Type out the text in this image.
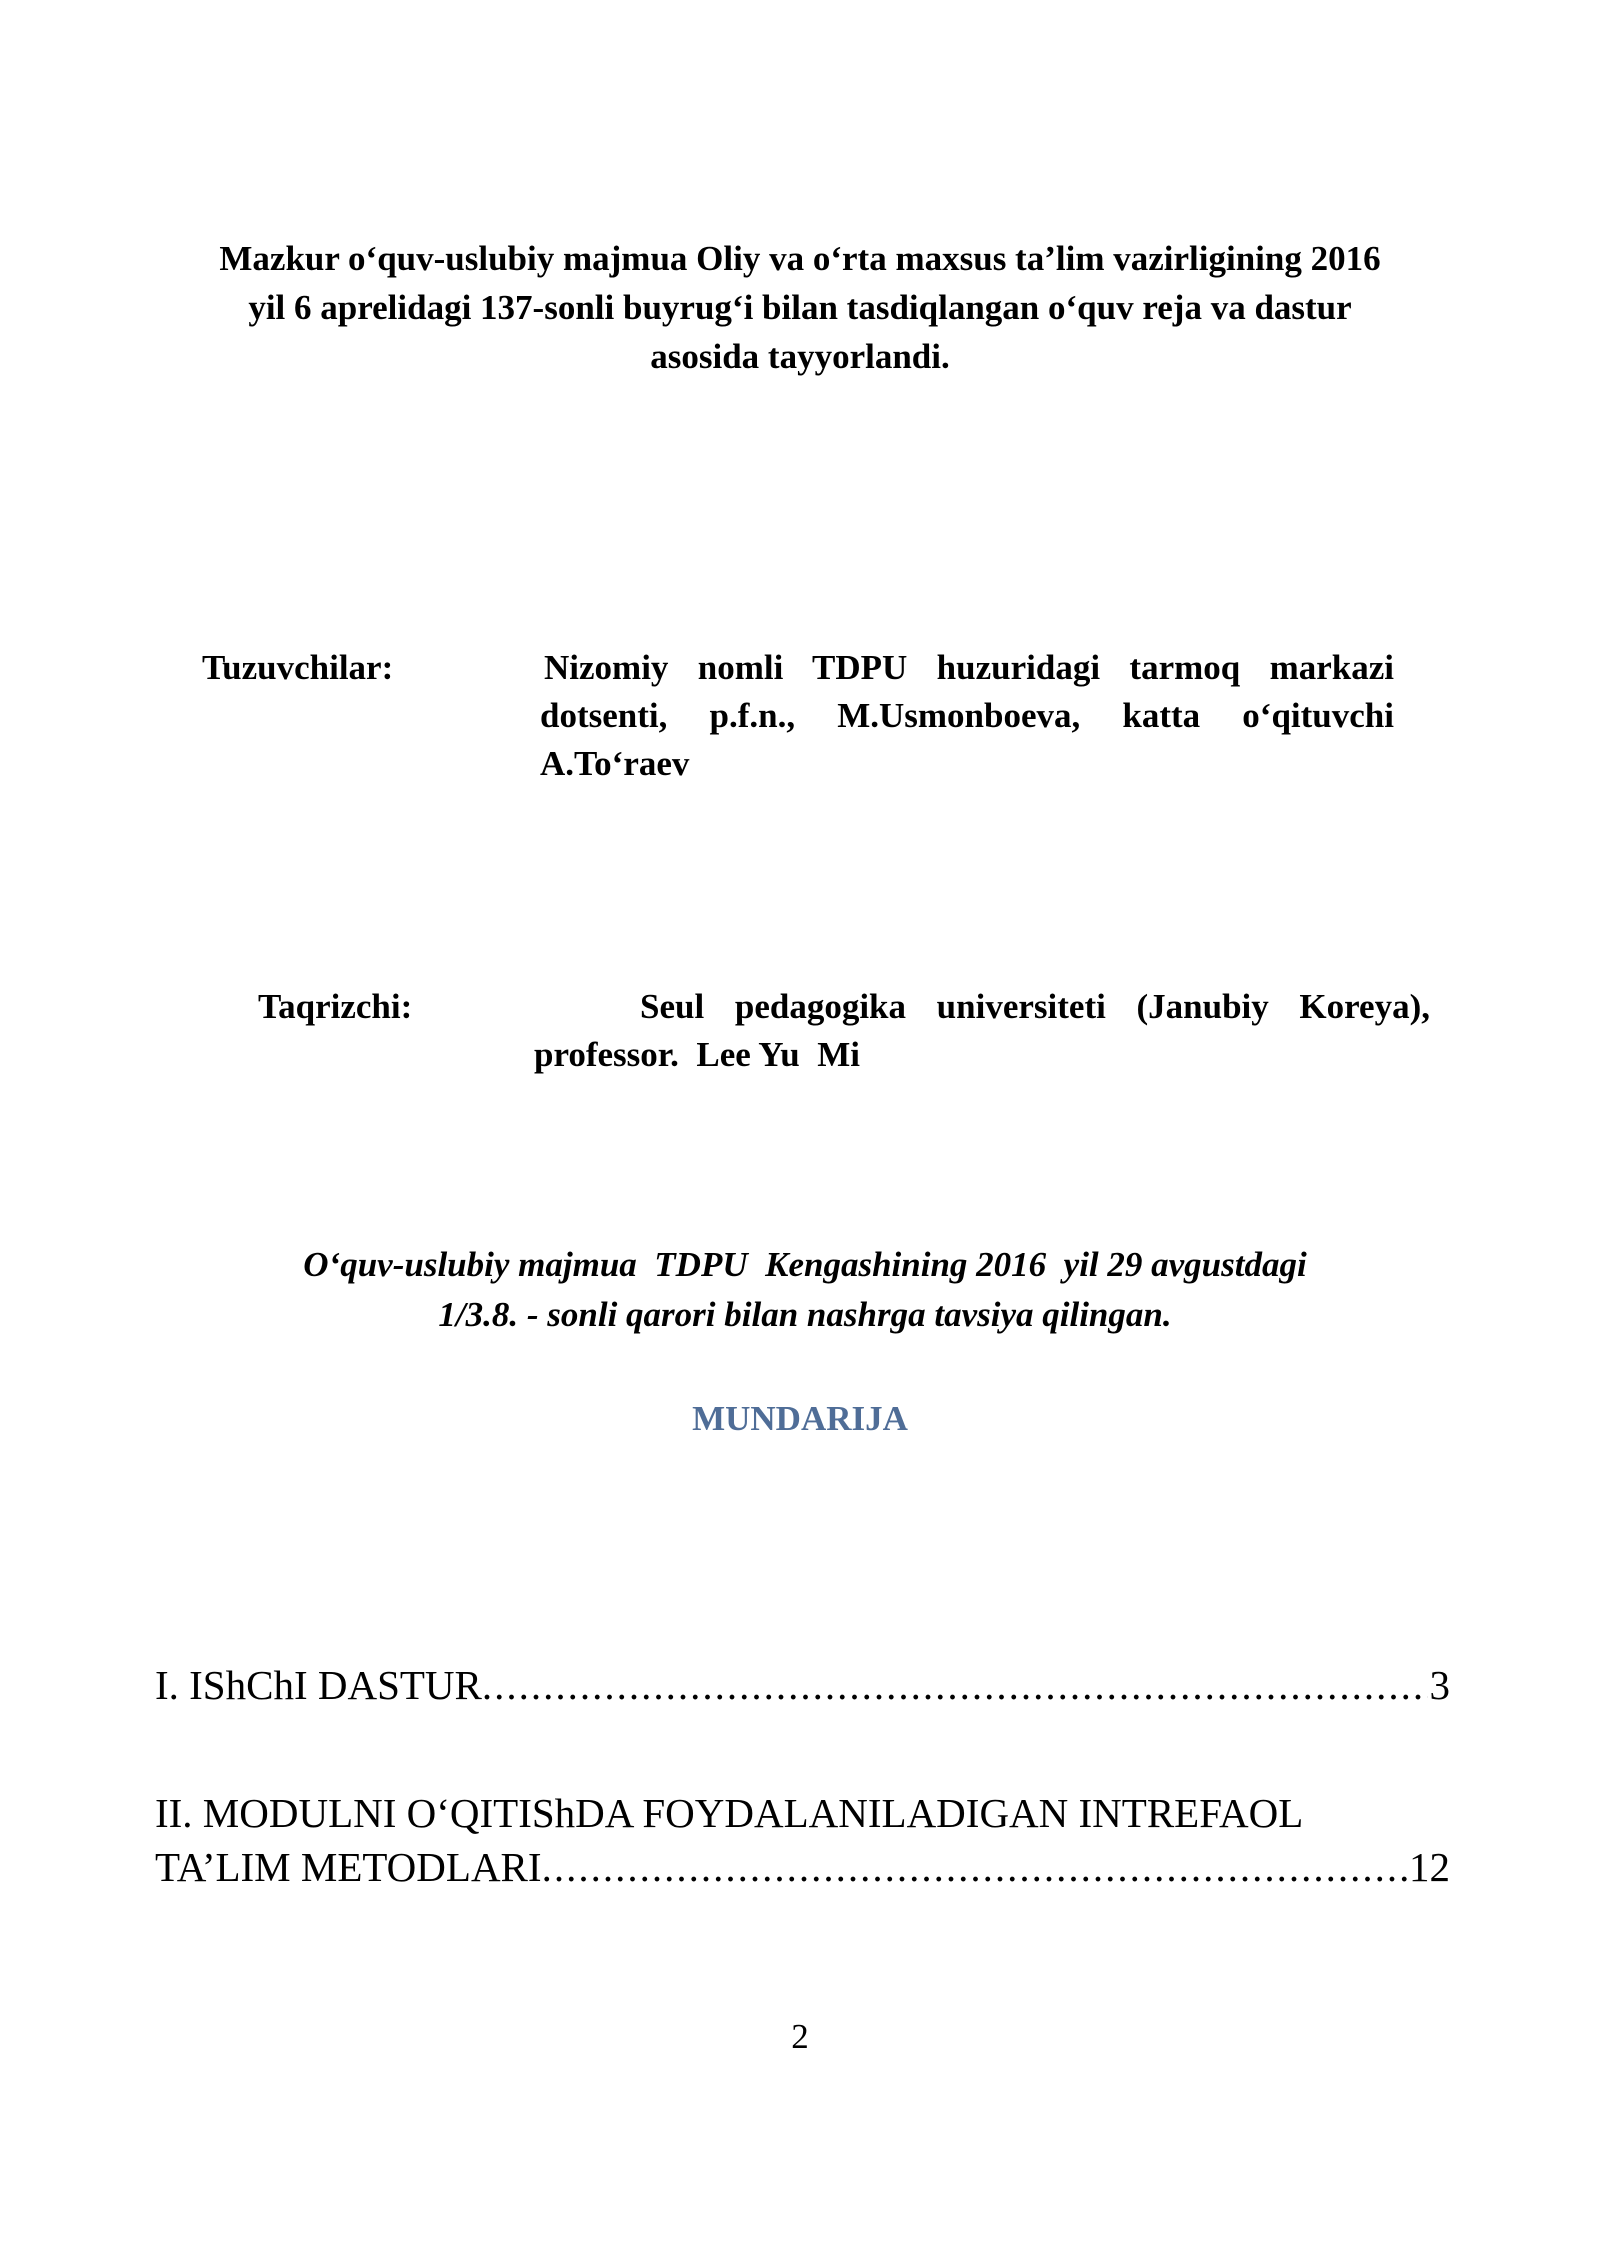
Mazkur o‘quv-uslubiy majmua Oliy va o‘rta maxsus ta’lim vazirligining 2016
yil 6 aprelidagi 137-sonli buyrug‘i bilan tasdiqlangan o‘quv reja va dastur
asosida tayyorlandi.
Tuzuvchilar:	Nizomiy nomli TDPU huzuridagi tarmoq markazi
dotsenti, p.f.n., M.Usmonboeva, katta o‘qituvchi
A.To‘raev
Taqrizchi:	Seul pedagogika universiteti (Janubiy Koreya),
professor.  Lee Yu  Mi
O‘quv-uslubiy majmua  TDPU  Kengashining 2016  yil 29 avgustdagi
1/3.8. - sonli qarori bilan nashrga tavsiya qilingan.
MUNDARIJA
I. IShChI DASTUR .....	3
II. MODULNI O‘QITIShDA FOYDALANILADIGAN INTREFAOL
TA’LIM METODLARI .....	12
2
